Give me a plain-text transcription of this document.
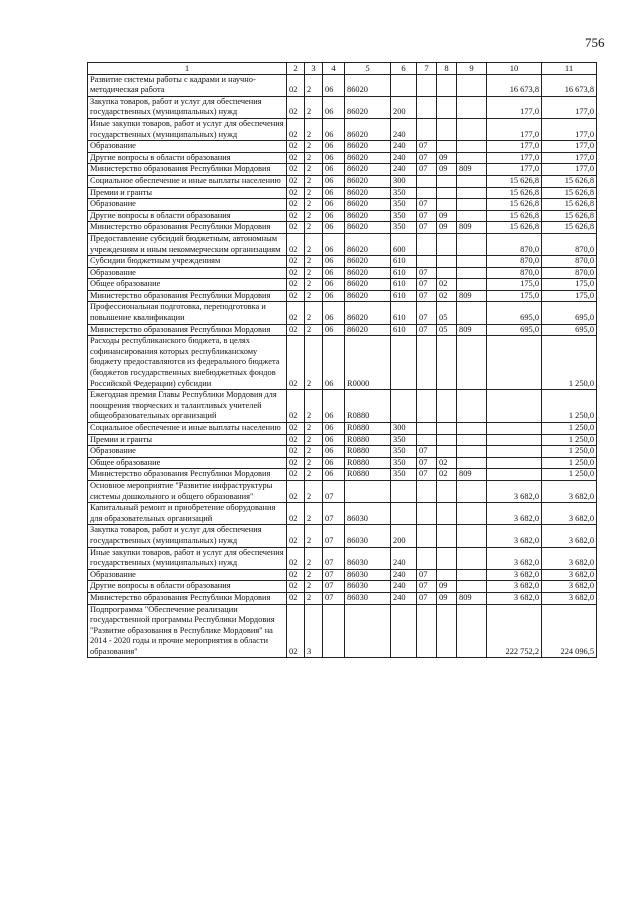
756
1	2	3	4	5	6	7	8	9	10	11
Развитие системы работы с кадрами и научно-методическая работа	02	2	06	86020					16 673,8	16 673,8
Закупка товаров, работ и услуг для обеспечения государственных (муниципальных) нужд	02	2	06	86020	200				177,0	177,0
Иные закупки товаров, работ и услуг для обеспечения государственных (муниципальных) нужд	02	2	06	86020	240				177,0	177,0
Образование	02	2	06	86020	240	07			177,0	177,0
Другие вопросы в области образования	02	2	06	86020	240	07	09		177,0	177,0
Министерство образования Республики Мордовия	02	2	06	86020	240	07	09	809	177,0	177,0
Социальное обеспечение и иные выплаты населению	02	2	06	86020	300				15 626,8	15 626,8
Премии и гранты	02	2	06	86020	350				15 626,8	15 626,8
Образование	02	2	06	86020	350	07			15 626,8	15 626,8
Другие вопросы в области образования	02	2	06	86020	350	07	09		15 626,8	15 626,8
Министерство образования Республики Мордовия	02	2	06	86020	350	07	09	809	15 626,8	15 626,8
Предоставление субсидий бюджетным, автономным учреждениям и иным некоммерческим организациям	02	2	06	86020	600				870,0	870,0
Субсидии бюджетным учреждениям	02	2	06	86020	610				870,0	870,0
Образование	02	2	06	86020	610	07			870,0	870,0
Общее образование	02	2	06	86020	610	07	02		175,0	175,0
Министерство образования Республики Мордовия	02	2	06	86020	610	07	02	809	175,0	175,0
Профессиональная подготовка, переподготовка и повышение квалификации	02	2	06	86020	610	07	05		695,0	695,0
Министерство образования Республики Мордовия	02	2	06	86020	610	07	05	809	695,0	695,0
Расходы республиканского бюджета, в целях софинансирования которых республиканскому бюджету предоставляются из федерального бюджета (бюджетов государственных внебюджетных фондов Российской Федерации) субсидии	02	2	06	R0000						1 250,0
Ежегодная премия Главы Республики Мордовия для поощрения творческих и талантливых учителей общеобразовательных организаций	02	2	06	R0880						1 250,0
Социальное обеспечение и иные выплаты населению	02	2	06	R0880	300					1 250,0
Премии и гранты	02	2	06	R0880	350					1 250,0
Образование	02	2	06	R0880	350	07				1 250,0
Общее образование	02	2	06	R0880	350	07	02			1 250,0
Министерство образования Республики Мордовия	02	2	06	R0880	350	07	02	809		1 250,0
Основное мероприятие "Развитие инфраструктуры системы дошкольного и общего образования"	02	2	07						3 682,0	3 682,0
Капитальный ремонт и приобретение оборудования для образовательных организаций	02	2	07	86030					3 682,0	3 682,0
Закупка товаров, работ и услуг для обеспечения государственных (муниципальных) нужд	02	2	07	86030	200				3 682,0	3 682,0
Иные закупки товаров, работ и услуг для обеспечения государственных (муниципальных) нужд	02	2	07	86030	240				3 682,0	3 682,0
Образование	02	2	07	86030	240	07			3 682,0	3 682,0
Другие вопросы в области образования	02	2	07	86030	240	07	09		3 682,0	3 682,0
Министерство образования Республики Мордовия	02	2	07	86030	240	07	09	809	3 682,0	3 682,0
Подпрограмма "Обеспечение реализации государственной программы Республики Мордовия "Развитие образования в Республике Мордовия" на 2014 - 2020 годы и прочие мероприятия в области образования"	02	3							222 752,2	224 096,5
